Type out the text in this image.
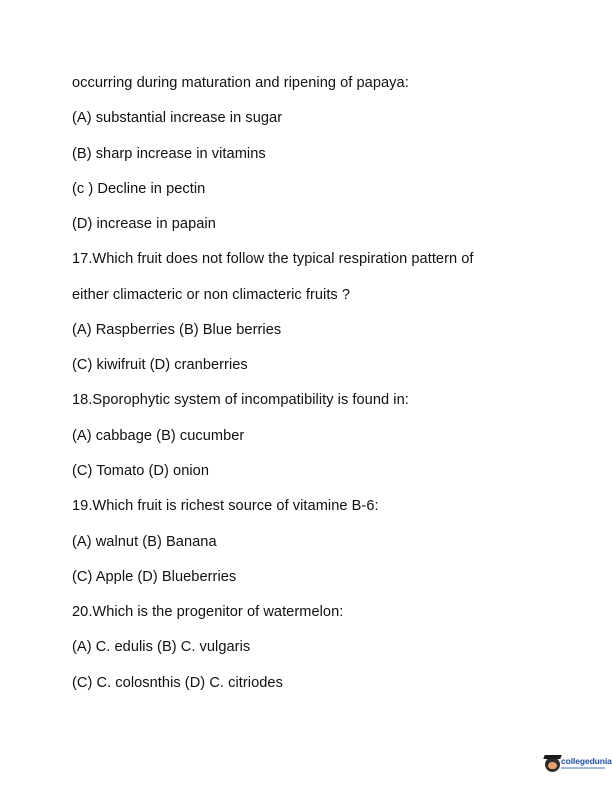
occurring during maturation and ripening of papaya:
(A) substantial increase in sugar
(B) sharp increase in vitamins
(c ) Decline in pectin
(D) increase in papain
17.Which fruit does not follow the typical respiration pattern of
either climacteric or non climacteric fruits ?
(A) Raspberries (B) Blue berries
(C) kiwifruit (D) cranberries
18.Sporophytic system of incompatibility is found in:
(A) cabbage (B) cucumber
(C) Tomato (D) onion
19.Which fruit is richest source of vitamine B-6:
(A) walnut (B) Banana
(C) Apple (D) Blueberries
20.Which is the progenitor of watermelon:
(A) C. edulis (B) C. vulgaris
(C) C. colosnthis (D) C. citriodes
collegedunia
